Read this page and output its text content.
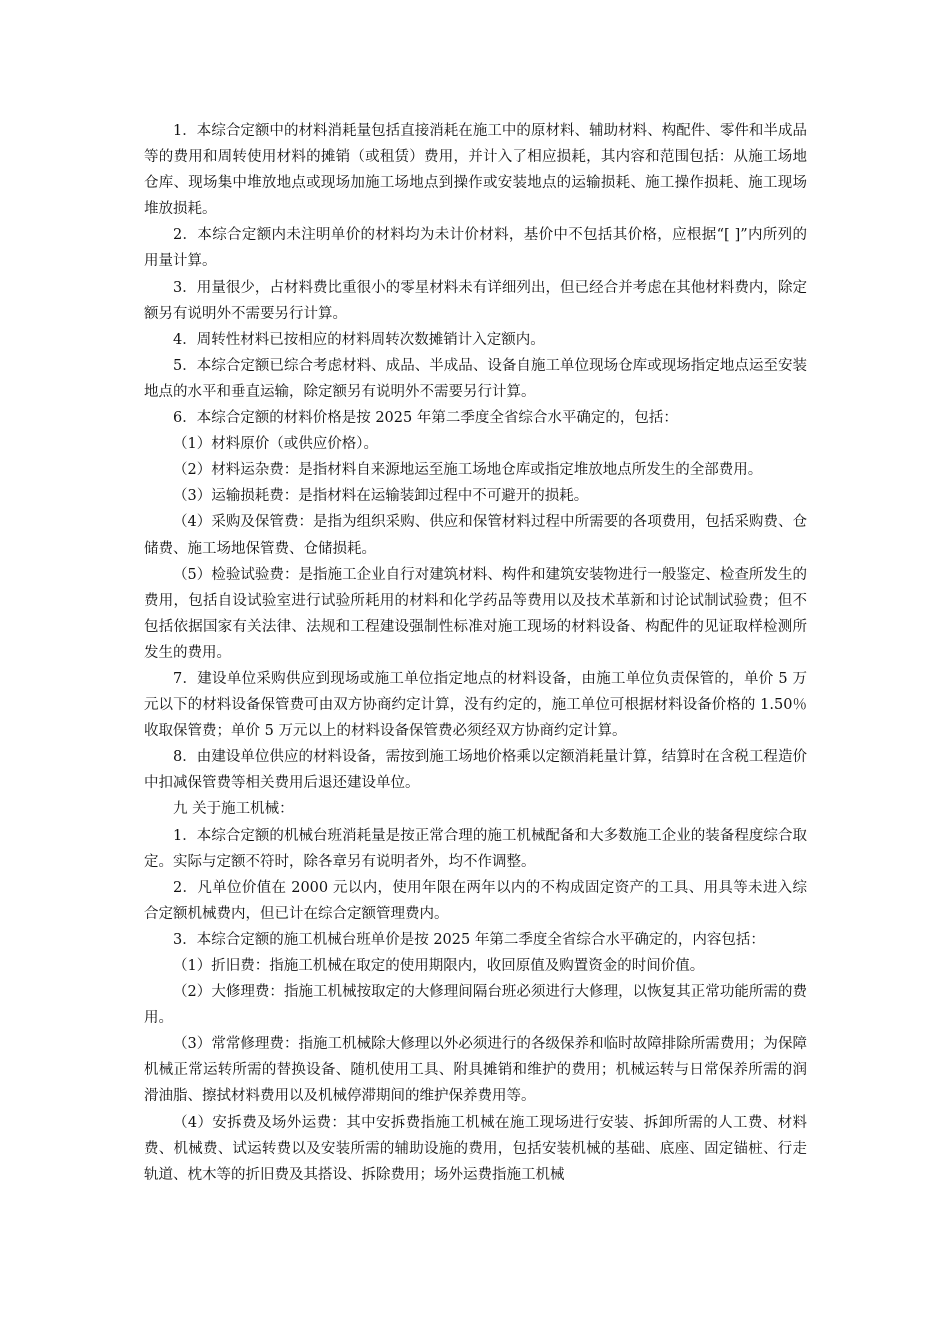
1．本综合定额中的材料消耗量包括直接消耗在施工中的原材料、辅助材料、构配件、零件和半成品等的费用和周转使用材料的摊销（或租赁）费用，并计入了相应损耗，其内容和范围包括：从施工场地仓库、现场集中堆放地点或现场加施工场地点到操作或安装地点的运输损耗、施工操作损耗、施工现场堆放损耗。

2．本综合定额内未注明单价的材料均为未计价材料，基价中不包括其价格，应根据“[ ]”内所列的用量计算。

3．用量很少，占材料费比重很小的零星材料未有详细列出，但已经合并考虑在其他材料费内，除定额另有说明外不需要另行计算。

4．周转性材料已按相应的材料周转次数摊销计入定额内。

5．本综合定额已综合考虑材料、成品、半成品、设备自施工单位现场仓库或现场指定地点运至安装地点的水平和垂直运输，除定额另有说明外不需要另行计算。

6．本综合定额的材料价格是按 2025 年第二季度全省综合水平确定的，包括：

（1）材料原价（或供应价格）。

（2）材料运杂费：是指材料自来源地运至施工场地仓库或指定堆放地点所发生的全部费用。

（3）运输损耗费：是指材料在运输装卸过程中不可避开的损耗。

（4）采购及保管费：是指为组织采购、供应和保管材料过程中所需要的各项费用，包括采购费、仓储费、施工场地保管费、仓储损耗。

（5）检验试验费：是指施工企业自行对建筑材料、构件和建筑安装物进行一般鉴定、检查所发生的费用，包括自设试验室进行试验所耗用的材料和化学药品等费用以及技术革新和讨论试制试验费；但不包括依据国家有关法律、法规和工程建设强制性标准对施工现场的材料设备、构配件的见证取样检测所发生的费用。

7．建设单位采购供应到现场或施工单位指定地点的材料设备，由施工单位负责保管的，单价 5 万元以下的材料设备保管费可由双方协商约定计算，没有约定的，施工单位可根据材料设备价格的 1.50％收取保管费；单价 5 万元以上的材料设备保管费必须经双方协商约定计算。

8．由建设单位供应的材料设备，需按到施工场地价格乘以定额消耗量计算，结算时在含税工程造价中扣减保管费等相关费用后退还建设单位。

九 关于施工机械：

1．本综合定额的机械台班消耗量是按正常合理的施工机械配备和大多数施工企业的装备程度综合取定。实际与定额不符时，除各章另有说明者外，均不作调整。

2．凡单位价值在 2000 元以内，使用年限在两年以内的不构成固定资产的工具、用具等未进入综合定额机械费内，但已计在综合定额管理费内。

3．本综合定额的施工机械台班单价是按 2025 年第二季度全省综合水平确定的，内容包括：

（1）折旧费：指施工机械在取定的使用期限内，收回原值及购置资金的时间价值。

（2）大修理费：指施工机械按取定的大修理间隔台班必须进行大修理，以恢复其正常功能所需的费用。

（3）常常修理费：指施工机械除大修理以外必须进行的各级保养和临时故障排除所需费用；为保障机械正常运转所需的替换设备、随机使用工具、附具摊销和维护的费用；机械运转与日常保养所需的润滑油脂、擦拭材料费用以及机械停滞期间的维护保养费用等。

（4）安拆费及场外运费：其中安拆费指施工机械在施工现场进行安装、拆卸所需的人工费、材料费、机械费、试运转费以及安装所需的辅助设施的费用，包括安装机械的基础、底座、固定锚桩、行走轨道、枕木等的折旧费及其搭设、拆除费用；场外运费指施工机械
